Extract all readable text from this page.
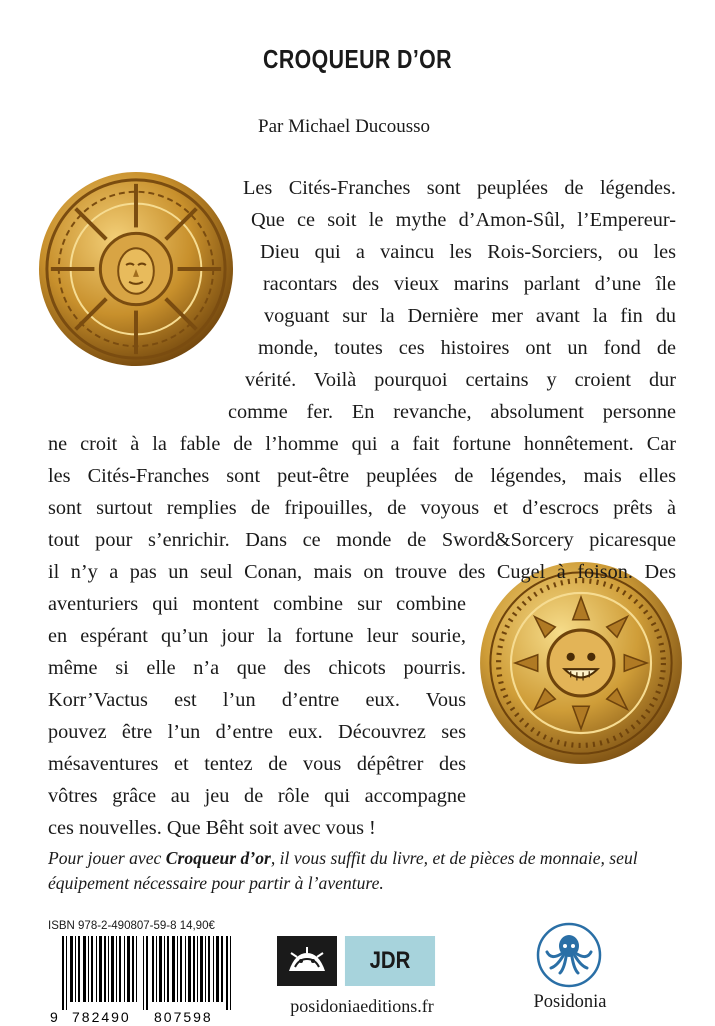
CROQUEUR D’OR
Par Michael Ducousso
Les Cités-Franches sont peuplées de légendes.
Que ce soit le mythe d’Amon-Sûl, l’Empereur-
Dieu qui a vaincu les Rois-Sorciers, ou les
racontars des vieux marins parlant d’une île
voguant sur la Dernière mer avant la fin du
monde, toutes ces histoires ont un fond de
vérité. Voilà pourquoi certains y croient dur
comme fer. En revanche, absolument personne
ne croit à la fable de l’homme qui a fait fortune honnêtement. Car
les Cités-Franches sont peut-être peuplées de légendes, mais elles
sont surtout remplies de fripouilles, de voyous et d’escrocs prêts à
tout pour s’enrichir. Dans ce monde de Sword&Sorcery picaresque
il n’y a pas un seul Conan, mais on trouve des Cugel à foison. Des
aventuriers qui montent combine sur combine
en espérant qu’un jour la fortune leur sourie,
même si elle n’a que des chicots pourris.
Korr’Vactus est l’un d’entre eux. Vous
pouvez être l’un d’entre eux. Découvrez ses
mésaventures et tentez de vous dépêtrer des
vôtres grâce au jeu de rôle qui accompagne
ces nouvelles. Que Bêht soit avec vous !
Pour jouer avec Croqueur d’or, il vous suffit du livre, et de pièces de monnaie, seul équipement nécessaire pour partir à l’aventure.
ISBN 978-2-490807-59-8 14,90€
9 782490 807598
JDR
posidoniaeditions.fr	Posidonia
